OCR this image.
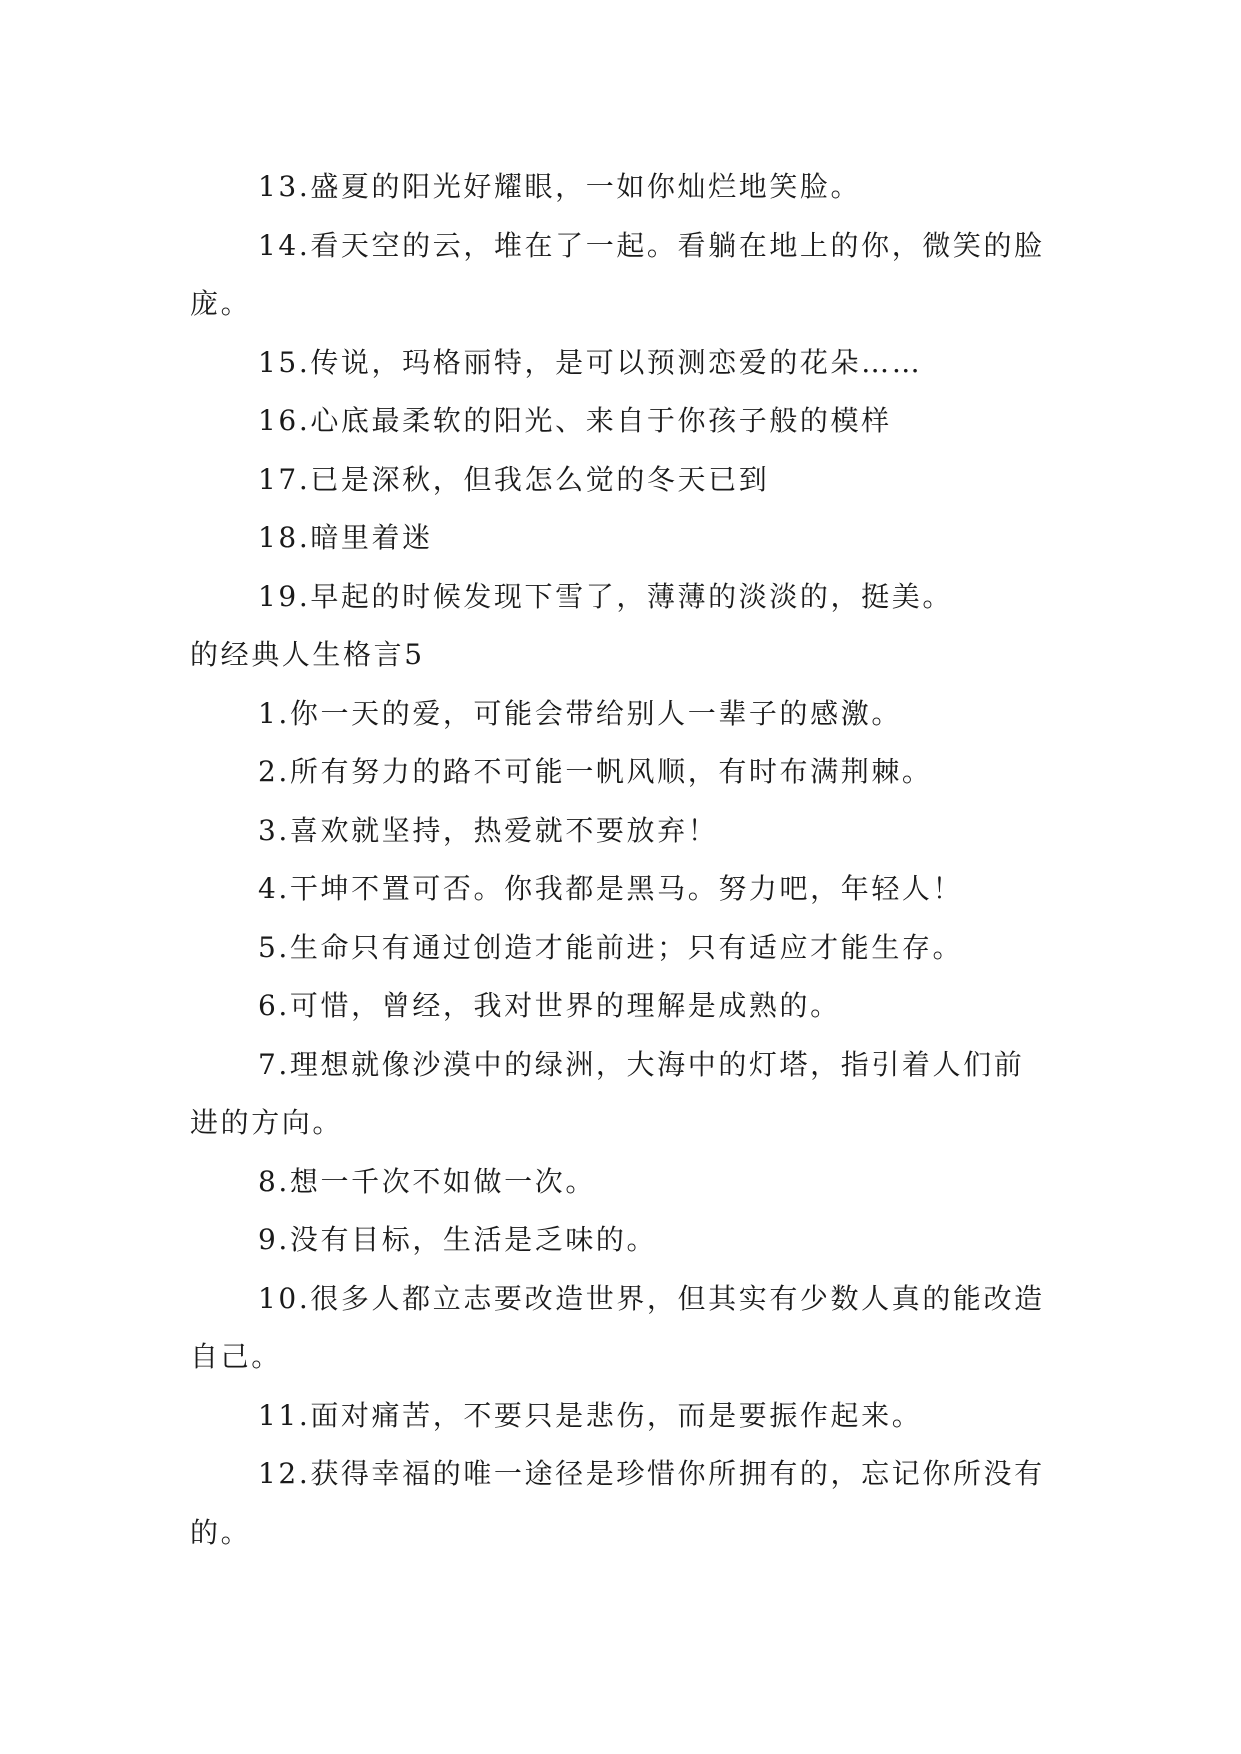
13.盛夏的阳光好耀眼，一如你灿烂地笑脸。

14.看天空的云，堆在了一起。看躺在地上的你，微笑的脸庞。

15.传说，玛格丽特，是可以预测恋爱的花朵……

16.心底最柔软的阳光、来自于你孩子般的模样

17.已是深秋，但我怎么觉的冬天已到

18.暗里着迷

19.早起的时候发现下雪了，薄薄的淡淡的，挺美。

的经典人生格言5

1.你一天的爱，可能会带给别人一辈子的感激。

2.所有努力的路不可能一帆风顺，有时布满荆棘。

3.喜欢就坚持，热爱就不要放弃！

4.干坤不置可否。你我都是黑马。努力吧，年轻人！

5.生命只有通过创造才能前进；只有适应才能生存。

6.可惜，曾经，我对世界的理解是成熟的。

7.理想就像沙漠中的绿洲，大海中的灯塔，指引着人们前进的方向。

8.想一千次不如做一次。

9.没有目标，生活是乏味的。

10.很多人都立志要改造世界，但其实有少数人真的能改造自己。

11.面对痛苦，不要只是悲伤，而是要振作起来。

12.获得幸福的唯一途径是珍惜你所拥有的，忘记你所没有的。
